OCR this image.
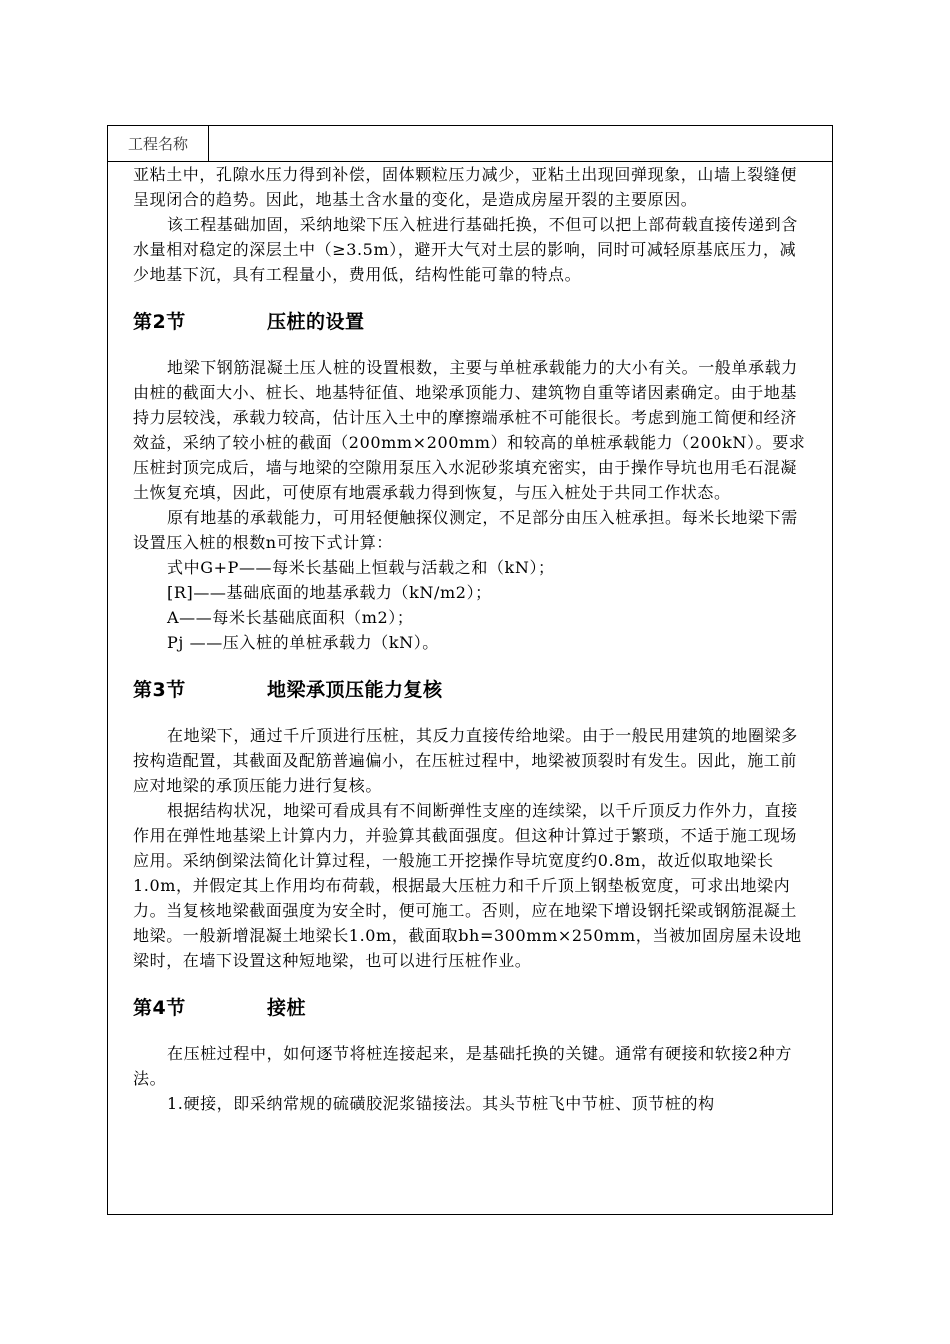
工程名称

亚粘土中，孔隙水压力得到补偿，固体颗粒压力减少，亚粘土出现回弹现象，山墙上裂缝便呈现闭合的趋势。因此，地基土含水量的变化，是造成房屋开裂的主要原因。

该工程基础加固，采纳地梁下压入桩进行基础托换，不但可以把上部荷载直接传递到含水量相对稳定的深层土中（≥3.5m），避开大气对土层的影响，同时可减轻原基底压力，减少地基下沉，具有工程量小，费用低，结构性能可靠的特点。

第2节	压桩的设置

地梁下钢筋混凝土压人桩的设置根数，主要与单桩承载能力的大小有关。一般单承载力由桩的截面大小、桩长、地基特征值、地梁承顶能力、建筑物自重等诸因素确定。由于地基持力层较浅，承载力较高，估计压入土中的摩擦端承桩不可能很长。考虑到施工简便和经济效益，采纳了较小桩的截面（200mm×200mm）和较高的单桩承载能力（200kN）。要求压桩封顶完成后，墙与地梁的空隙用泵压入水泥砂浆填充密实，由于操作导坑也用毛石混凝土恢复充填，因此，可使原有地震承载力得到恢复，与压入桩处于共同工作状态。

原有地基的承载能力，可用轻便触探仪测定，不足部分由压入桩承担。每米长地梁下需设置压入桩的根数n可按下式计算：

式中G+P——每米长基础上恒载与活载之和（kN）；

[R]——基础底面的地基承载力（kN/m2）；

A——每米长基础底面积（m2）；

Pj ——压入桩的单桩承载力（kN）。

第3节	地梁承顶压能力复核

在地梁下，通过千斤顶进行压桩，其反力直接传给地梁。由于一般民用建筑的地圈梁多按构造配置，其截面及配筋普遍偏小，在压桩过程中，地梁被顶裂时有发生。因此，施工前应对地梁的承顶压能力进行复核。

根据结构状况，地梁可看成具有不间断弹性支座的连续梁，以千斤顶反力作外力，直接作用在弹性地基梁上计算内力，并验算其截面强度。但这种计算过于繁琐，不适于施工现场应用。采纳倒梁法简化计算过程，一般施工开挖操作导坑宽度约0.8m，故近似取地梁长1.0m，并假定其上作用均布荷载，根据最大压桩力和千斤顶上钢垫板宽度，可求出地梁内力。当复核地梁截面强度为安全时，便可施工。否则，应在地梁下增设钢托梁或钢筋混凝土地梁。一般新增混凝土地梁长1.0m，截面取bh=300mm×250mm，当被加固房屋未设地梁时，在墙下设置这种短地梁，也可以进行压桩作业。

第4节	接桩

在压桩过程中，如何逐节将桩连接起来，是基础托换的关键。通常有硬接和软接2种方法。

1.硬接，即采纳常规的硫磺胶泥浆锚接法。其头节桩飞中节桩、顶节桩的构
